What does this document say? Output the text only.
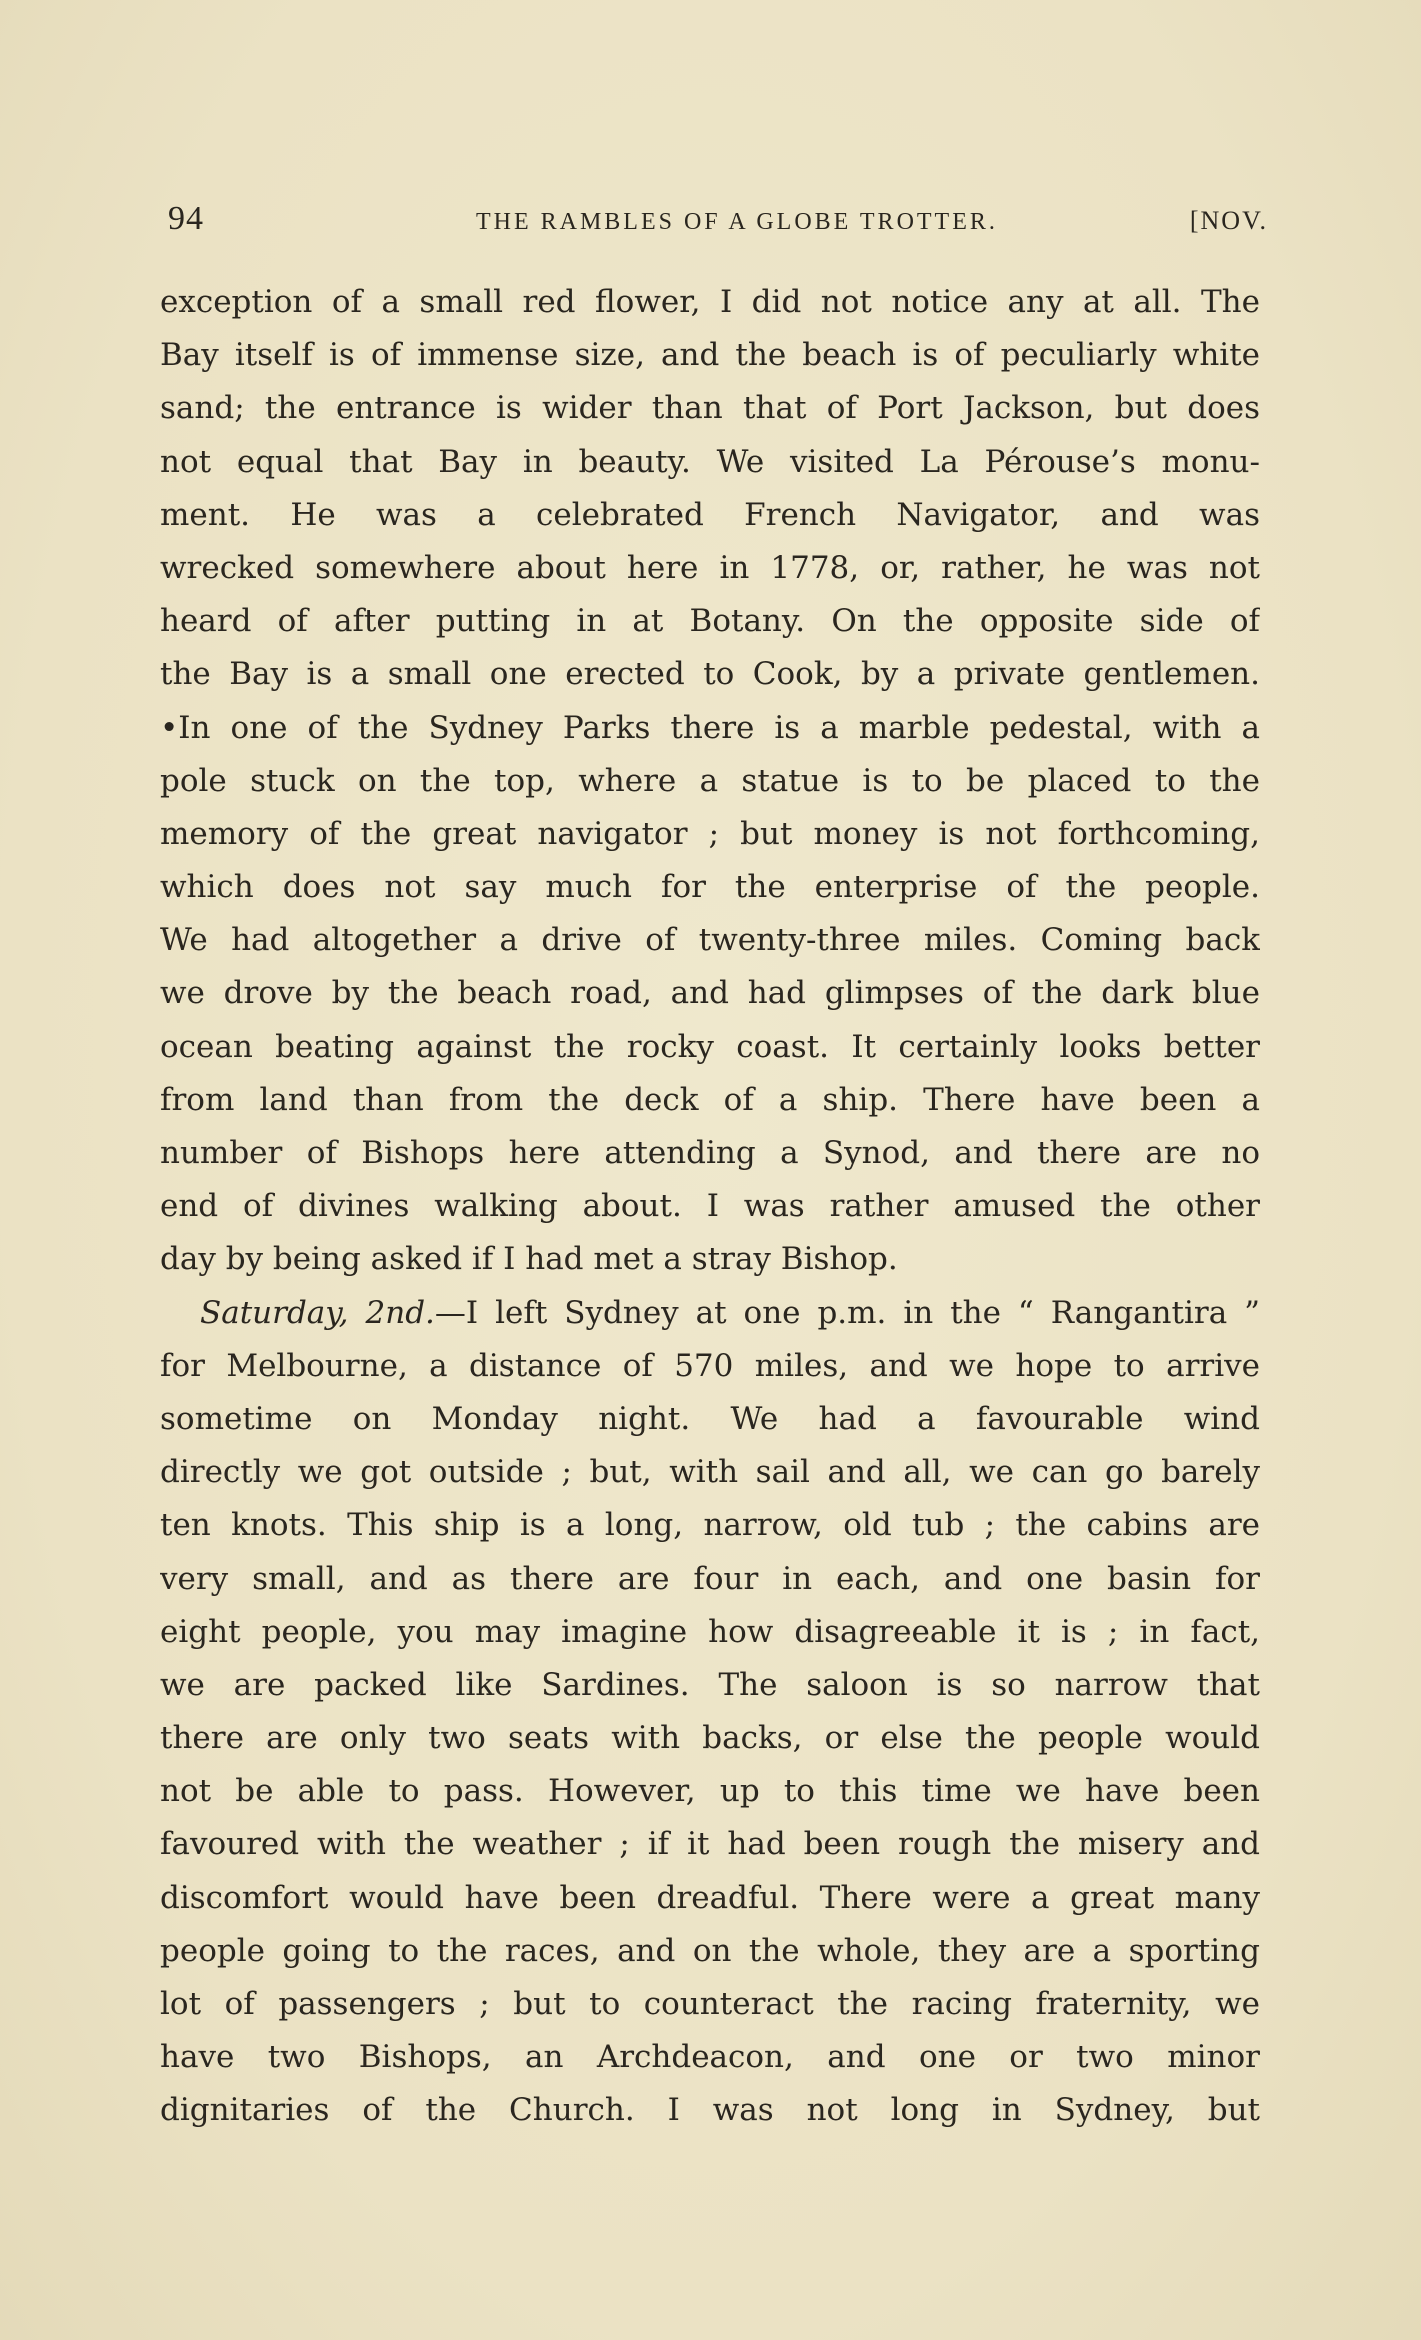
94	THE RAMBLES OF A GLOBE TROTTER.	[NOV.
exception of a small red flower, I did not notice any at all. The
Bay itself is of immense size, and the beach is of peculiarly white
sand; the entrance is wider than that of Port Jackson, but does
not equal that Bay in beauty. We visited La Pérouse’s monu-
ment. He was a celebrated French Navigator, and was
wrecked somewhere about here in 1778, or, rather, he was not
heard of after putting in at Botany. On the opposite side of
the Bay is a small one erected to Cook, by a private gentlemen.
•In one of the Sydney Parks there is a marble pedestal, with a
pole stuck on the top, where a statue is to be placed to the
memory of the great navigator ; but money is not forthcoming,
which does not say much for the enterprise of the people.
We had altogether a drive of twenty-three miles. Coming back
we drove by the beach road, and had glimpses of the dark blue
ocean beating against the rocky coast. It certainly looks better
from land than from the deck of a ship. There have been a
number of Bishops here attending a Synod, and there are no
end of divines walking about. I was rather amused the other
day by being asked if I had met a stray Bishop.
Saturday, 2nd.—I left Sydney at one p.m. in the “ Rangantira ”
for Melbourne, a distance of 570 miles, and we hope to arrive
sometime on Monday night. We had a favourable wind
directly we got outside ; but, with sail and all, we can go barely
ten knots. This ship is a long, narrow, old tub ; the cabins are
very small, and as there are four in each, and one basin for
eight people, you may imagine how disagreeable it is ; in fact,
we are packed like Sardines. The saloon is so narrow that
there are only two seats with backs, or else the people would
not be able to pass. However, up to this time we have been
favoured with the weather ; if it had been rough the misery and
discomfort would have been dreadful. There were a great many
people going to the races, and on the whole, they are a sporting
lot of passengers ; but to counteract the racing fraternity, we
have two Bishops, an Archdeacon, and one or two minor
dignitaries of the Church. I was not long in Sydney, but
